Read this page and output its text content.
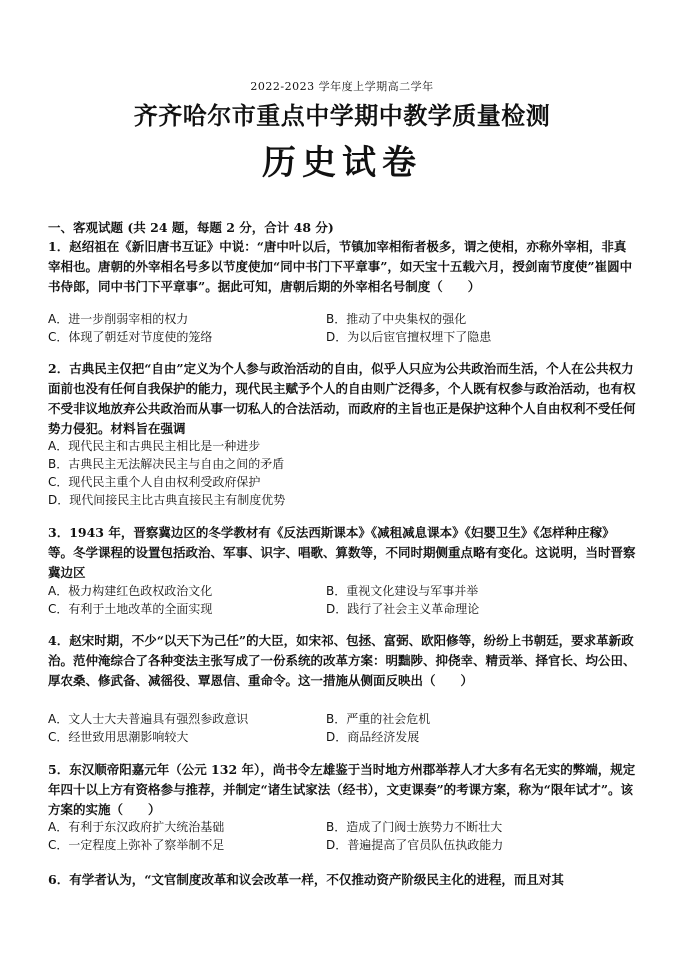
2022-2023 学年度上学期高二学年
齐齐哈尔市重点中学期中教学质量检测
历史试卷
一、客观试题 (共 24 题，每题 2 分，合计 48 分)
1．赵绍祖在《新旧唐书互证》中说：“唐中叶以后，节镇加宰相衔者极多，谓之使相，亦称外宰相，非真宰相也。唐朝的外宰相名号多以节度使加“同中书门下平章事”，如天宝十五载六月，授剑南节度使”崔圆中书侍郎，同中书门下平章事”。据此可知，唐朝后期的外宰相名号制度（　　）
A．进一步削弱宰相的权力	B．推动了中央集权的强化
C．体现了朝廷对节度使的笼络	D．为以后宦官擅权埋下了隐患
2．古典民主仅把“自由”定义为个人参与政治活动的自由，似乎人只应为公共政治而生活，个人在公共权力面前也没有任何自我保护的能力，现代民主赋予个人的自由则广泛得多，个人既有权参与政治活动，也有权不受非议地放弃公共政治而从事一切私人的合法活动，而政府的主旨也正是保护这种个人自由权利不受任何势力侵犯。材料旨在强调
A．现代民主和古典民主相比是一种进步
B．古典民主无法解决民主与自由之间的矛盾
C．现代民主重个人自由权利受政府保护
D．现代间接民主比古典直接民主有制度优势
3．1943 年，晋察冀边区的冬学教材有《反法西斯课本》《减租减息课本》《妇婴卫生》《怎样种庄稼》等。冬学课程的设置包括政治、军事、识字、唱歌、算数等，不同时期侧重点略有变化。这说明，当时晋察冀边区
A．极力构建红色政权政治文化	B．重视文化建设与军事并举
C．有利于土地改革的全面实现	D．践行了社会主义革命理论
4．赵宋时期，不少“以天下为己任”的大臣，如宋祁、包拯、富弼、欧阳修等，纷纷上书朝廷，要求革新政治。范仲淹综合了各种变法主张写成了一份系统的改革方案：明黜陟、抑侥幸、精贡举、择官长、均公田、厚农桑、修武备、减徭役、覃恩信、重命令。这一措施从侧面反映出（　　）
A．文人士大夫普遍具有强烈参政意识	B．严重的社会危机
C．经世致用思潮影响较大	D．商品经济发展
5．东汉顺帝阳嘉元年（公元 132 年），尚书令左雄鉴于当时地方州郡举荐人才大多有名无实的弊端，规定年四十以上方有资格参与推荐，并制定“诸生试家法（经书），文吏课奏”的考课方案，称为“限年试才”。该方案的实施（　　）
A．有利于东汉政府扩大统治基础	B．造成了门阀士族势力不断壮大
C．一定程度上弥补了察举制不足	D．普遍提高了官员队伍执政能力
6．有学者认为，“文官制度改革和议会改革一样，不仅推动资产阶级民主化的进程，而且对其
